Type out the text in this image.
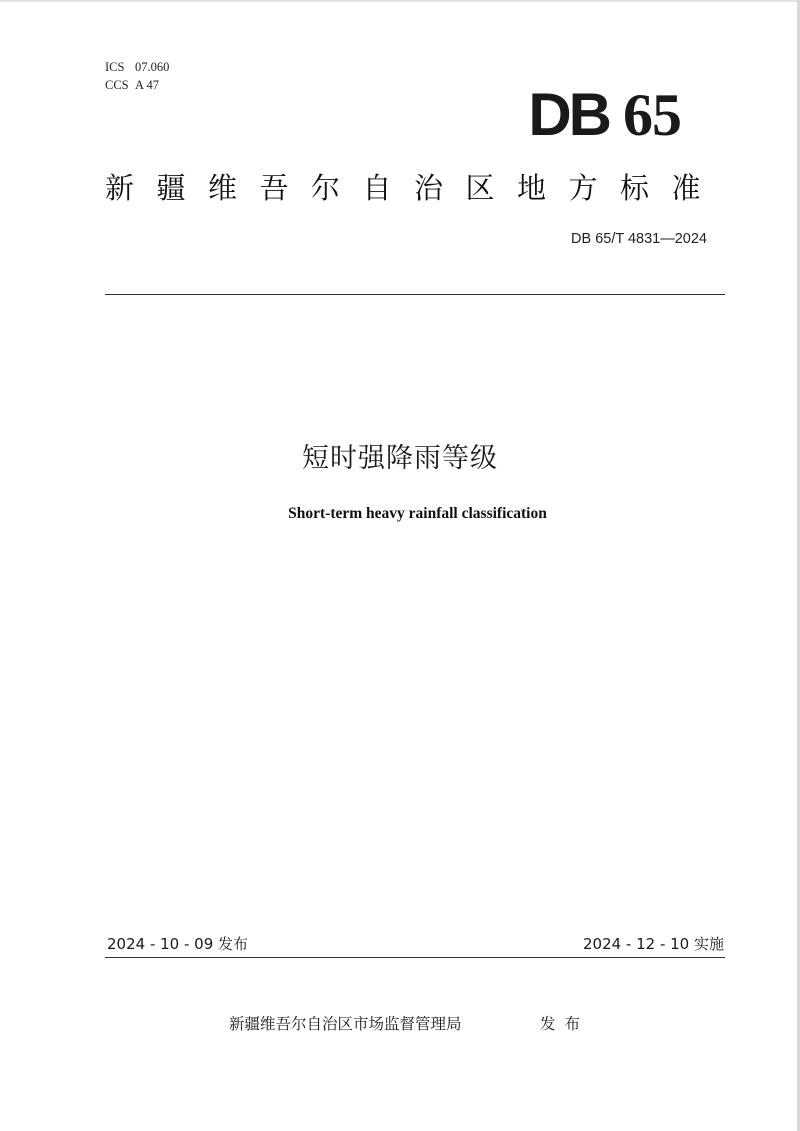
ICS 07.060
CCS A 47	DB 65
新疆维吾尔自治区地方标准
DB 65/T 4831—2024
短时强降雨等级
Short-term heavy rainfall classification
2024 - 10 - 09 发布	2024 - 12 - 10 实施
新疆维吾尔自治区市场监督管理局	发布
